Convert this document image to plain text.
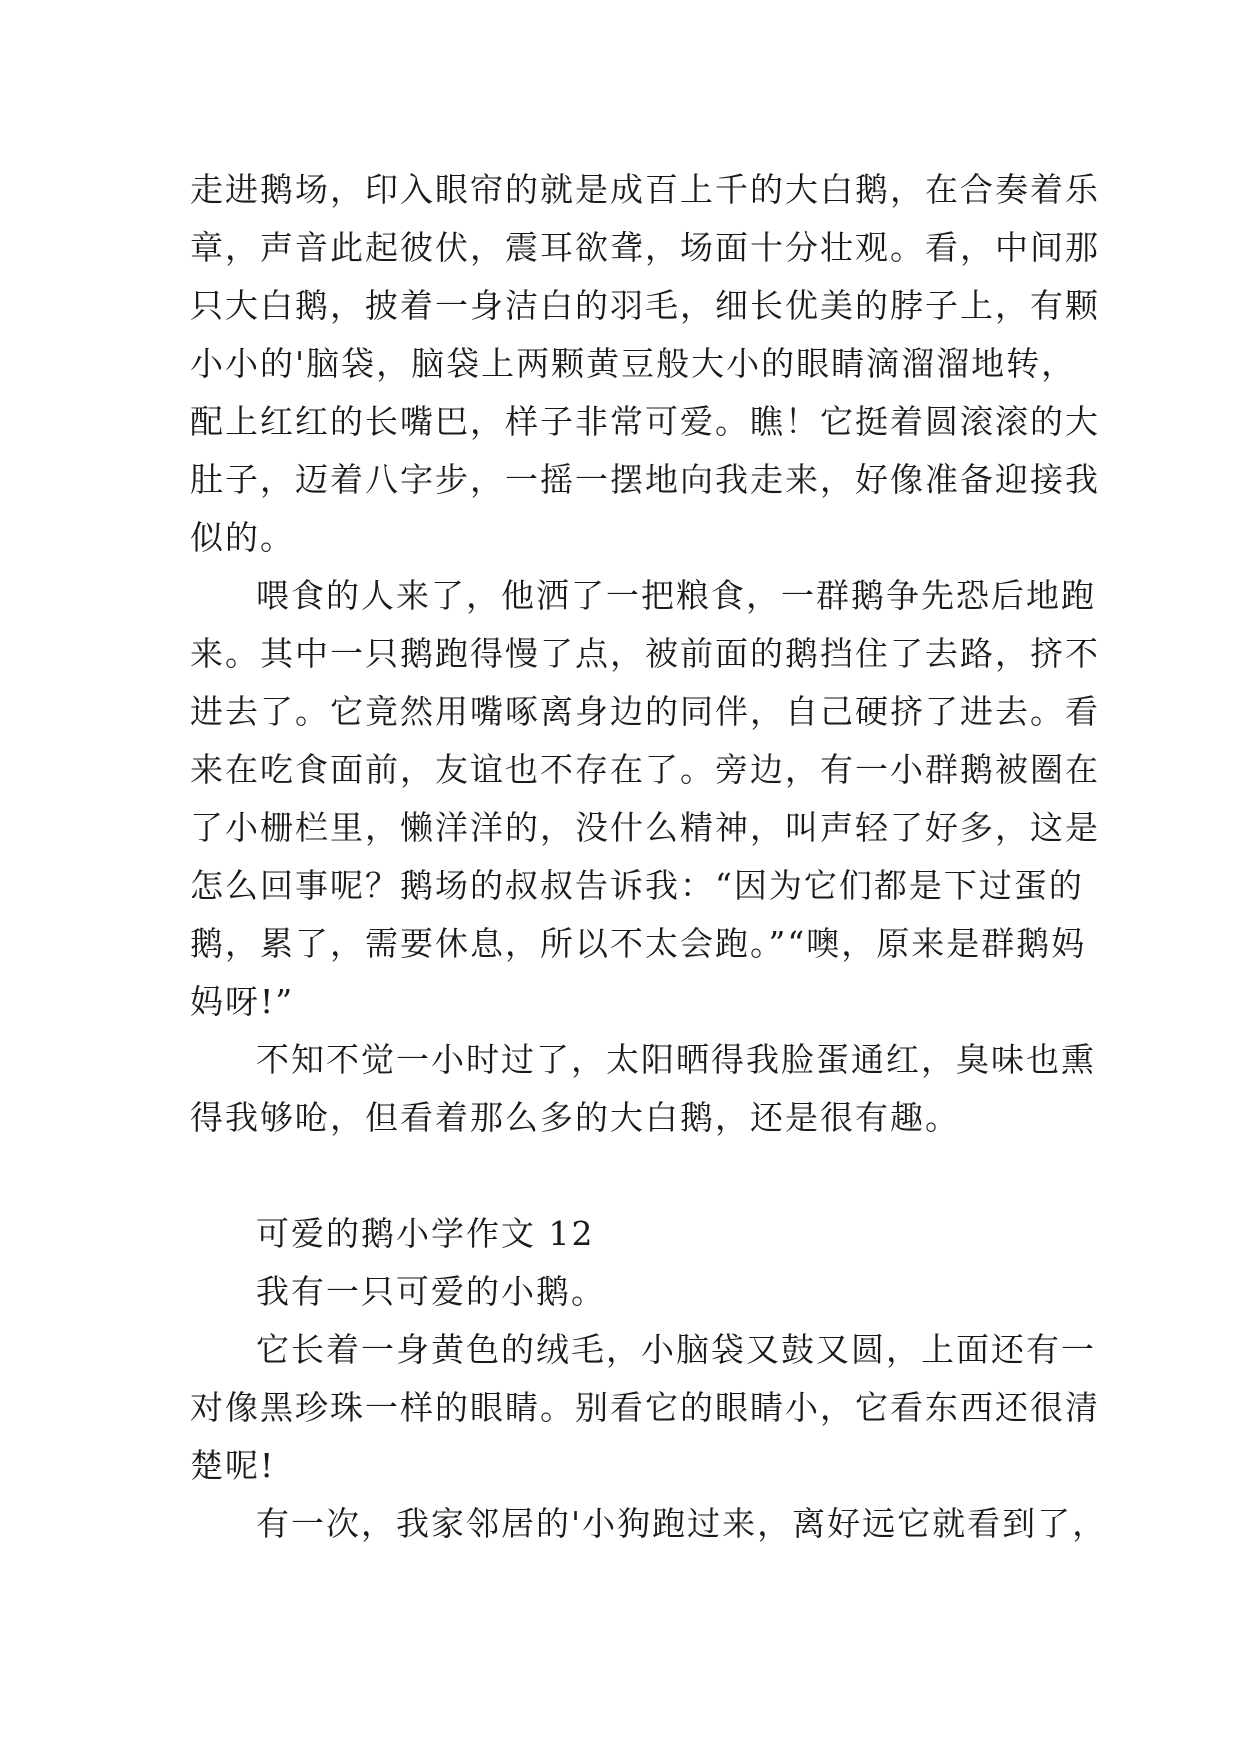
走进鹅场，印入眼帘的就是成百上千的大白鹅，在合奏着乐
章，声音此起彼伏，震耳欲聋，场面十分壮观。看，中间那
只大白鹅，披着一身洁白的羽毛，细长优美的脖子上，有颗
小小的'脑袋，脑袋上两颗黄豆般大小的眼睛滴溜溜地转，
配上红红的长嘴巴，样子非常可爱。瞧！它挺着圆滚滚的大
肚子，迈着八字步，一摇一摆地向我走来，好像准备迎接我
似的。
喂食的人来了，他洒了一把粮食，一群鹅争先恐后地跑
来。其中一只鹅跑得慢了点，被前面的鹅挡住了去路，挤不
进去了。它竟然用嘴啄离身边的同伴，自己硬挤了进去。看
来在吃食面前，友谊也不存在了。旁边，有一小群鹅被圈在
了小栅栏里，懒洋洋的，没什么精神，叫声轻了好多，这是
怎么回事呢？鹅场的叔叔告诉我：“因为它们都是下过蛋的
鹅，累了，需要休息，所以不太会跑。”“噢，原来是群鹅妈
妈呀!”
不知不觉一小时过了，太阳晒得我脸蛋通红，臭味也熏
得我够呛，但看着那么多的大白鹅，还是很有趣。
可爱的鹅小学作文 12
我有一只可爱的小鹅。
它长着一身黄色的绒毛，小脑袋又鼓又圆，上面还有一
对像黑珍珠一样的眼睛。别看它的眼睛小，它看东西还很清
楚呢!
有一次，我家邻居的'小狗跑过来，离好远它就看到了，
